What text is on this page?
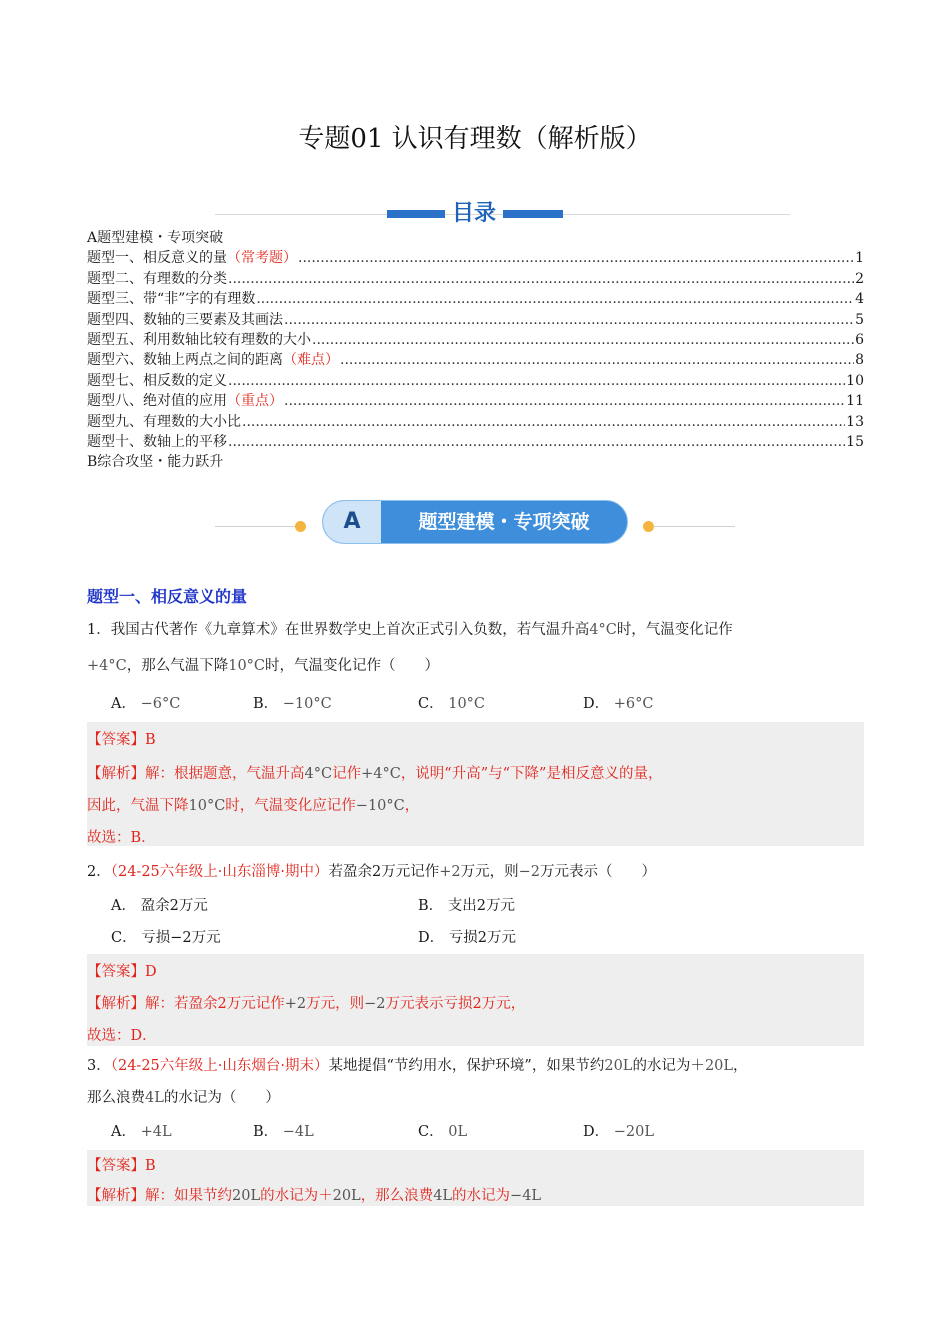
专题01 认识有理数（解析版）
目录
A题型建模・专项突破
题型一、相反意义的量 （常考题） .....	1
题型二、有理数的分类 .....	2
题型三、带“非”字的有理数 .....	4
题型四、数轴的三要素及其画法 .....	5
题型五、利用数轴比较有理数的大小 .....	6
题型六、数轴上两点之间的距离 （难点） .....	8
题型七、相反数的定义 .....	10
题型八、绝对值的应用 （重点） .....	11
题型九、有理数的大小比 .....	13
题型十、数轴上的平移 .....	15
B综合攻坚・能力跃升
A	题型建模・专项突破
题型一、相反意义的量
1．我国古代著作《九章算术》在世界数学史上首次正式引入负数，若气温升高4°C时，气温变化记作
+4°C，那么气温下降10°C时，气温变化记作（　　）
A． −6°C	B． −10°C	C． 10°C	D． +6°C
【答案】B
【解析】解：根据题意，气温升高4°C记作+4°C，说明“升高”与“下降”是相反意义的量，
因此，气温下降10°C时，气温变化应记作−10°C，
故选：B．
2．（24-25六年级上·山东淄博·期中）若盈余2万元记作+2万元，则−2万元表示（　　）
A． 盈余2万元	B． 支出2万元
C． 亏损−2万元	D． 亏损2万元
【答案】D
【解析】解：若盈余2万元记作+2万元，则−2万元表示亏损2万元，
故选：D．
3．（24-25六年级上·山东烟台·期末）某地提倡“节约用水，保护环境”，如果节约20L的水记为＋20L，
那么浪费4L的水记为（　　）
A． +4L	B． −4L	C． 0L	D． −20L
【答案】B
【解析】解：如果节约20L的水记为＋20L，那么浪费4L的水记为−4L
